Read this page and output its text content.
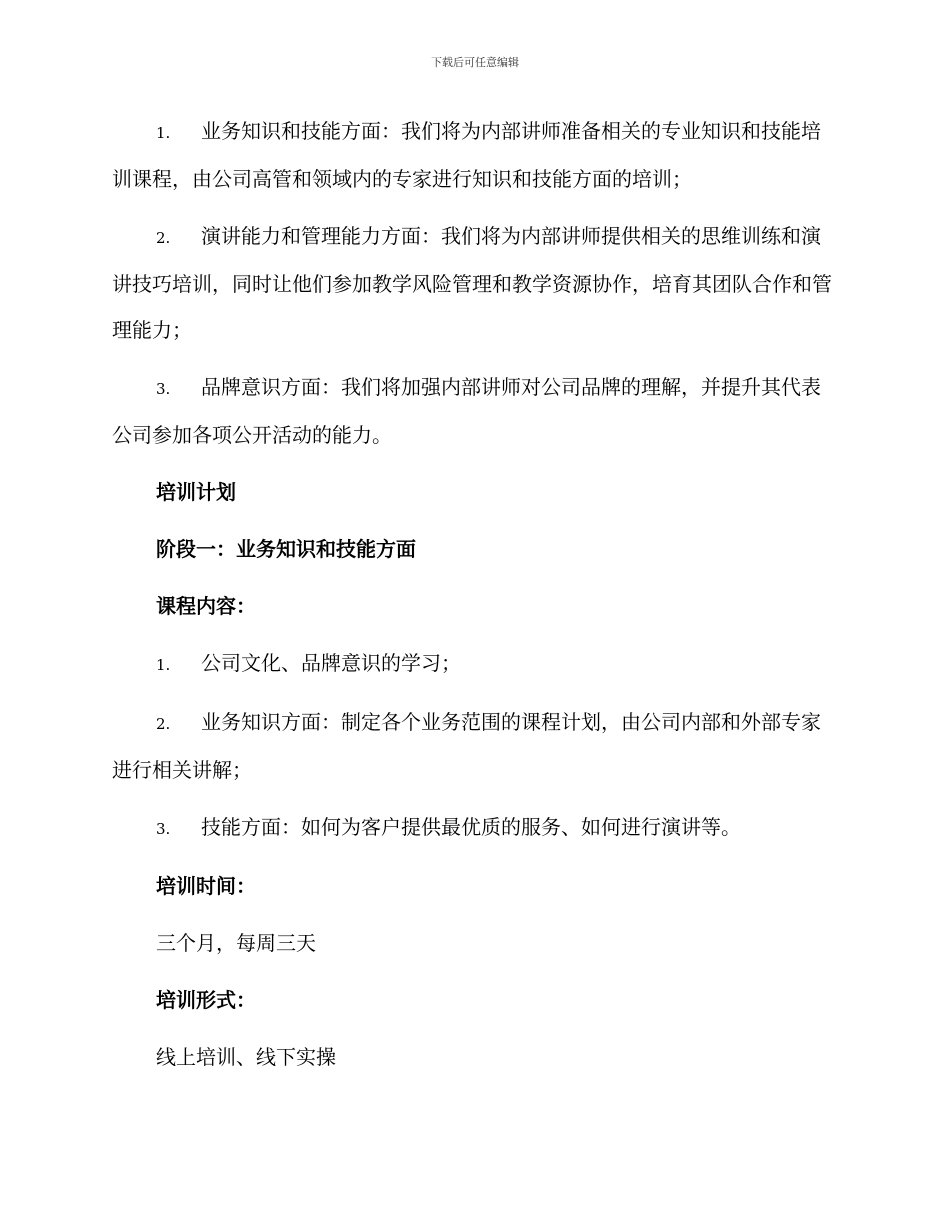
下载后可任意编辑

1. 业务知识和技能方面：我们将为内部讲师准备相关的专业知识和技能培训课程，由公司高管和领域内的专家进行知识和技能方面的培训；

2. 演讲能力和管理能力方面：我们将为内部讲师提供相关的思维训练和演讲技巧培训，同时让他们参加教学风险管理和教学资源协作，培育其团队合作和管理能力；

3. 品牌意识方面：我们将加强内部讲师对公司品牌的理解，并提升其代表公司参加各项公开活动的能力。

培训计划

阶段一：业务知识和技能方面

课程内容：

1. 公司文化、品牌意识的学习；

2. 业务知识方面：制定各个业务范围的课程计划，由公司内部和外部专家进行相关讲解；

3. 技能方面：如何为客户提供最优质的服务、如何进行演讲等。

培训时间：

三个月，每周三天

培训形式：

线上培训、线下实操
